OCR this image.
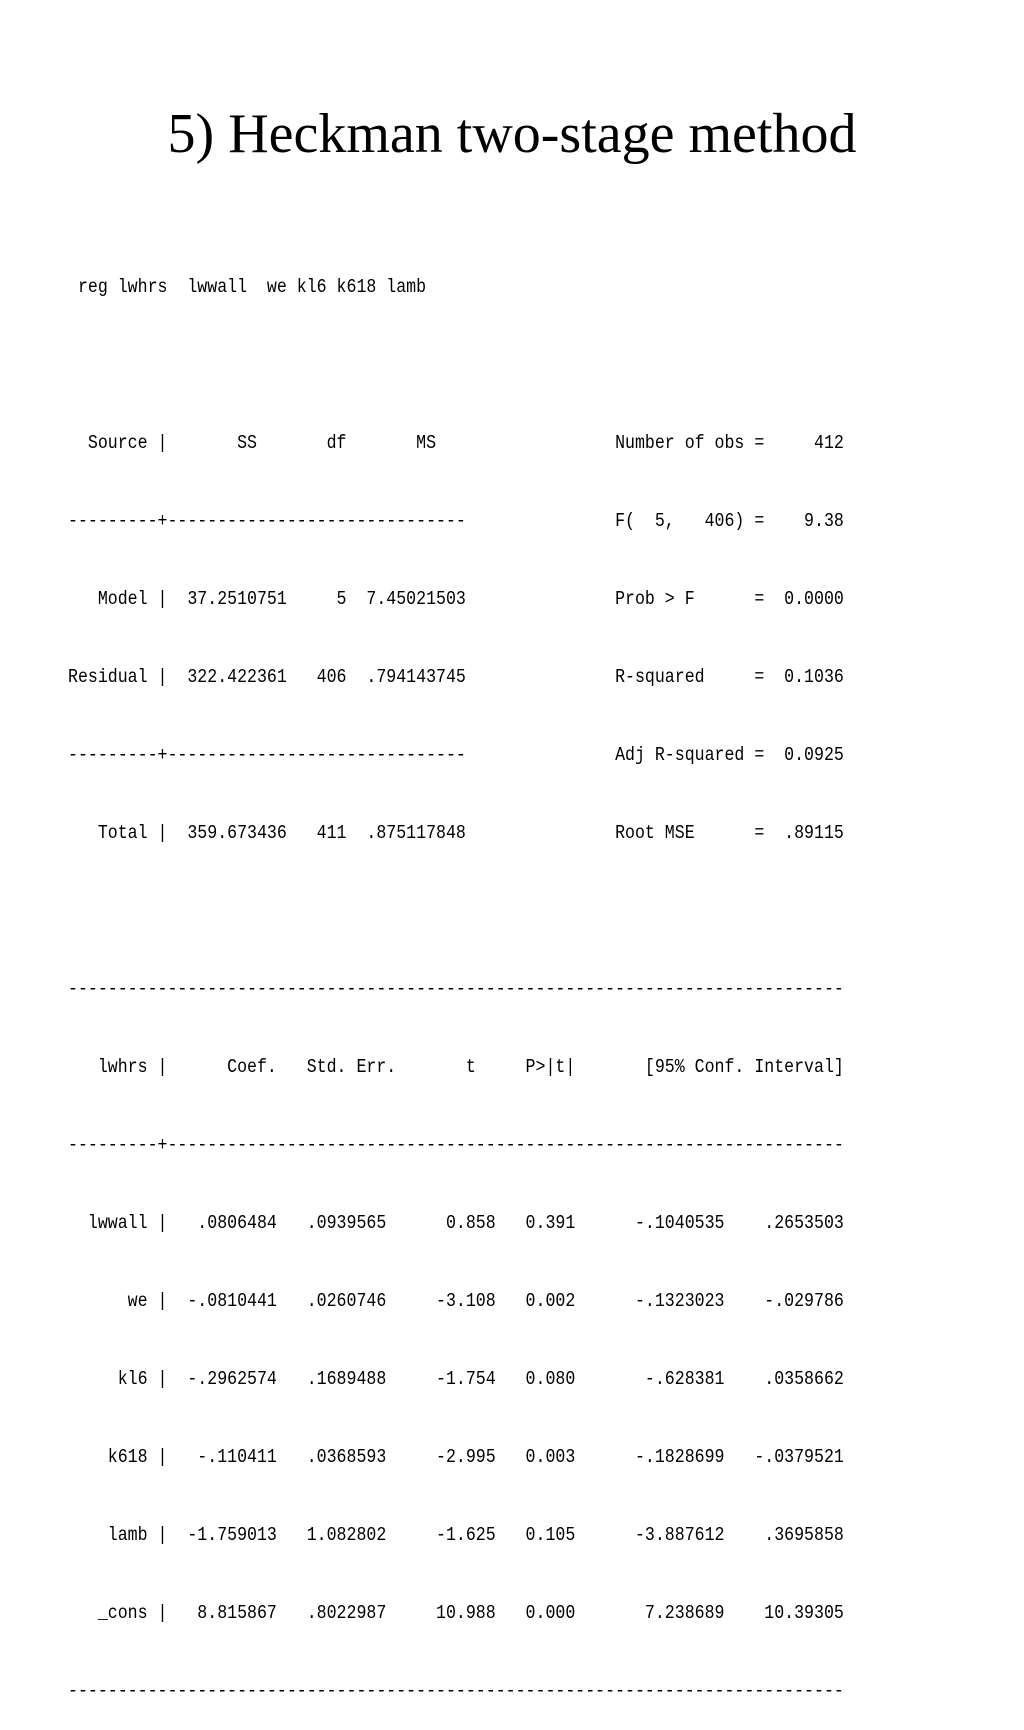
5) Heckman two-stage method

reg lwhrs  lwwall  we kl6 k618 lamb

Source |       SS       df       MS                  Number of obs =     412

---------+------------------------------               F(  5,   406) =    9.38

Model |  37.2510751     5  7.45021503               Prob > F      =  0.0000

Residual |  322.422361   406  .794143745               R-squared     =  0.1036

---------+------------------------------               Adj R-squared =  0.0925

Total |  359.673436   411  .875117848               Root MSE      =  .89115

------------------------------------------------------------------------------

lwhrs |      Coef.   Std. Err.       t     P>|t|       [95% Conf. Interval]

---------+--------------------------------------------------------------------

lwwall |   .0806484   .0939565      0.858   0.391      -.1040535    .2653503

we |  -.0810441   .0260746     -3.108   0.002      -.1323023    -.029786

kl6 |  -.2962574   .1689488     -1.754   0.080       -.628381    .0358662

k618 |   -.110411   .0368593     -2.995   0.003      -.1828699   -.0379521

lamb |  -1.759013   1.082802     -1.625   0.105      -3.887612    .3695858

_cons |   8.815867   .8022987     10.988   0.000       7.238689    10.39305

------------------------------------------------------------------------------
